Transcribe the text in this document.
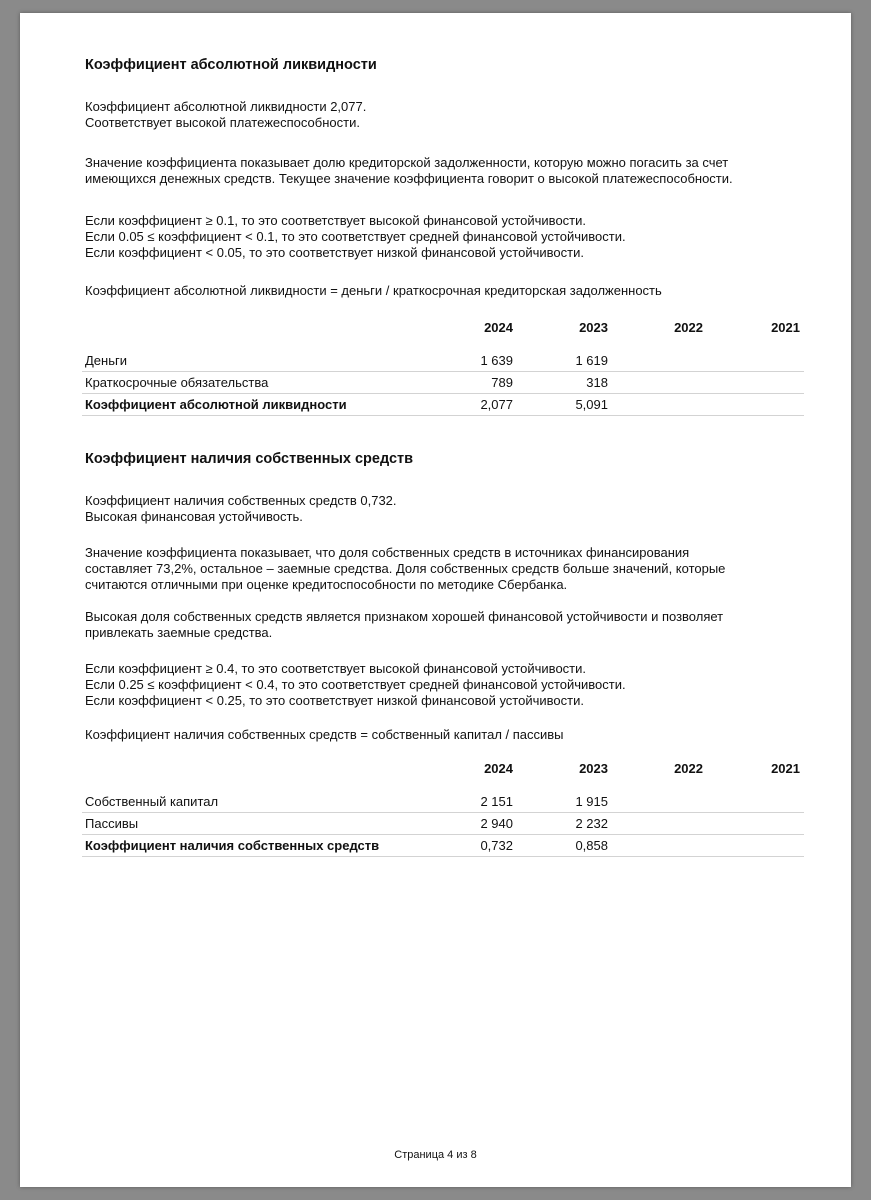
Коэффициент абсолютной ликвидности
Коэффициент абсолютной ликвидности 2,077.
Соответствует высокой платежеспособности.
Значение коэффициента показывает долю кредиторской задолженности, которую можно погасить за счет
имеющихся денежных средств. Текущее значение коэффициента говорит о высокой платежеспособности.
Если коэффициент ≥ 0.1, то это соответствует высокой финансовой устойчивости.
Если 0.05 ≤ коэффициент < 0.1, то это соответствует средней финансовой устойчивости.
Если коэффициент < 0.05, то это соответствует низкой финансовой устойчивости.
Коэффициент абсолютной ликвидности = деньги / краткосрочная кредиторская задолженность
	2024	2023	2022	2021

Деньги	1 639	1 619		
Краткосрочные обязательства	789	318		
Коэффициент абсолютной ликвидности	2,077	5,091		
Коэффициент наличия собственных средств
Коэффициент наличия собственных средств 0,732.
Высокая финансовая устойчивость.
Значение коэффициента показывает, что доля собственных средств в источниках финансирования
составляет 73,2%, остальное – заемные средства. Доля собственных средств больше значений, которые
считаются отличными при оценке кредитоспособности по методике Сбербанка.
Высокая доля собственных средств является признаком хорошей финансовой устойчивости и позволяет
привлекать заемные средства.
Если коэффициент ≥ 0.4, то это соответствует высокой финансовой устойчивости.
Если 0.25 ≤ коэффициент < 0.4, то это соответствует средней финансовой устойчивости.
Если коэффициент < 0.25, то это соответствует низкой финансовой устойчивости.
Коэффициент наличия собственных средств = собственный капитал / пассивы
	2024	2023	2022	2021

Собственный капитал	2 151	1 915		
Пассивы	2 940	2 232		
Коэффициент наличия собственных средств	0,732	0,858		
Страница 4 из 8
